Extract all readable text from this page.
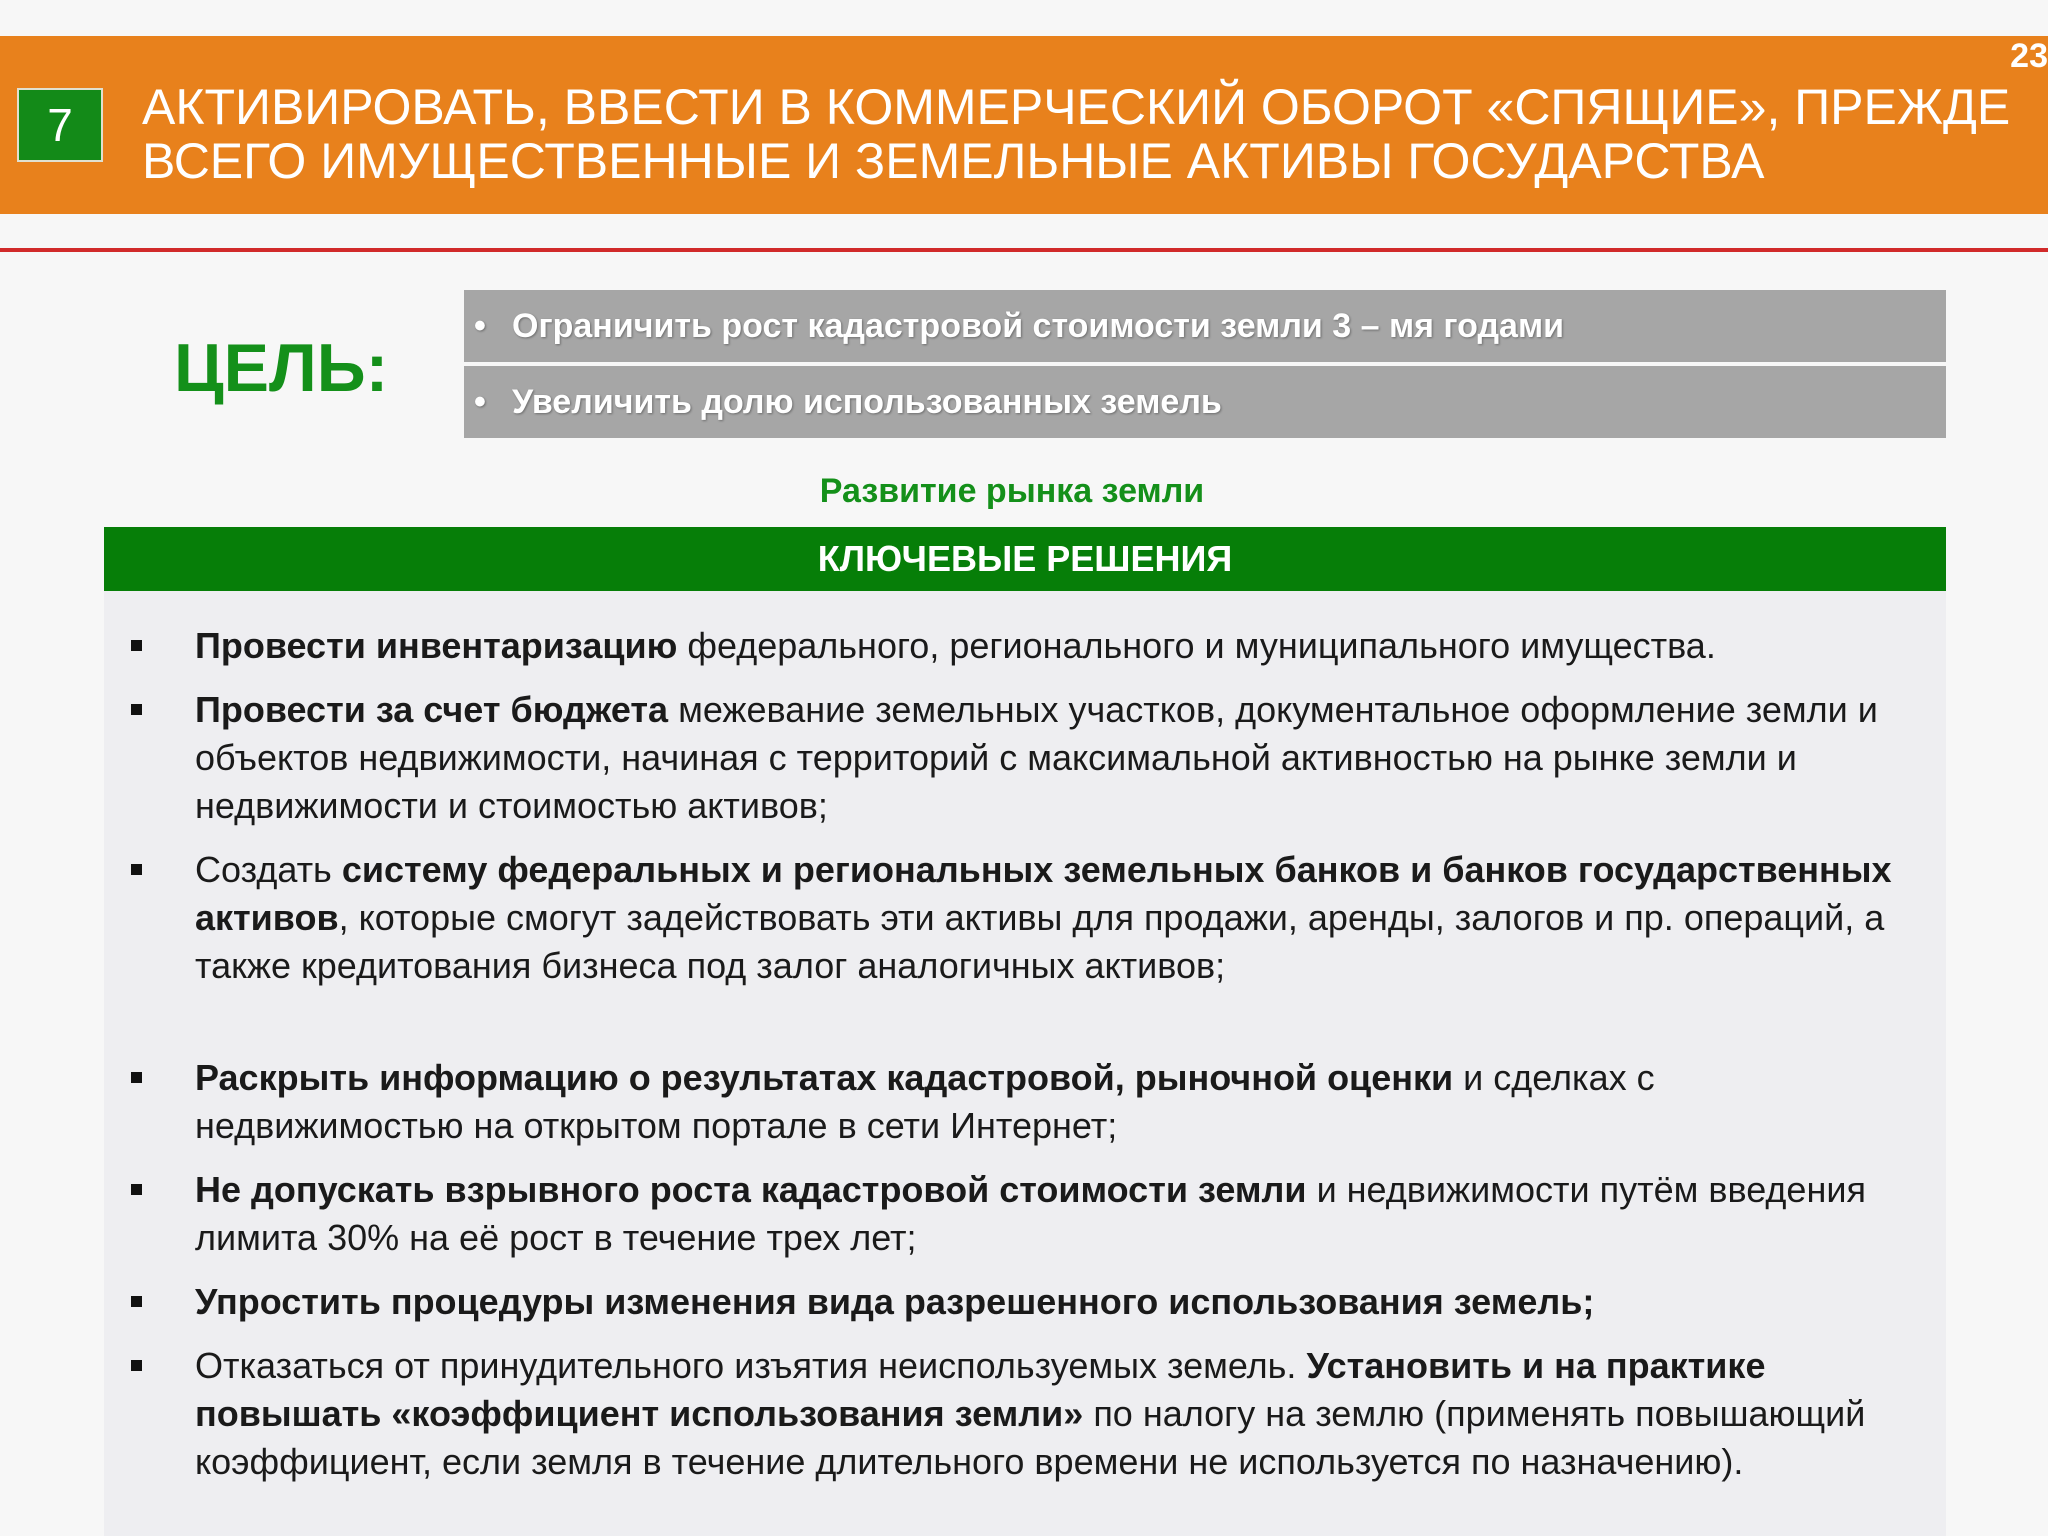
7	АКТИВИРОВАТЬ, ВВЕСТИ В КОММЕРЧЕСКИЙ ОБОРОТ «СПЯЩИЕ», ПРЕЖДЕ
ВСЕГО ИМУЩЕСТВЕННЫЕ И ЗЕМЕЛЬНЫЕ АКТИВЫ ГОСУДАРСТВА
23
ЦЕЛЬ:
• Ограничить рост кадастровой стоимости земли 3 – мя годами
• Увеличить долю использованных земель
Развитие рынка земли
КЛЮЧЕВЫЕ РЕШЕНИЯ
Провести инвентаризацию федерального, регионального и муниципального имущества.
Провести за счет бюджета межевание земельных участков, документальное оформление земли и объектов недвижимости, начиная с территорий с максимальной активностью на рынке земли и недвижимости и стоимостью активов;
Создать систему федеральных и региональных земельных банков и банков государственных активов, которые смогут задействовать эти активы для продажи, аренды, залогов и пр. операций, а также кредитования бизнеса под залог аналогичных активов;
Раскрыть информацию о результатах кадастровой, рыночной оценки и сделках с недвижимостью на открытом портале в сети Интернет;
Не допускать взрывного роста кадастровой стоимости земли и недвижимости путём введения лимита 30% на её рост в течение трех лет;
Упростить процедуры изменения вида разрешенного использования земель;
Отказаться от принудительного изъятия неиспользуемых земель. Установить и на практике повышать «коэффициент использования земли» по налогу на землю (применять повышающий коэффициент, если земля в течение длительного времени не используется по назначению).
